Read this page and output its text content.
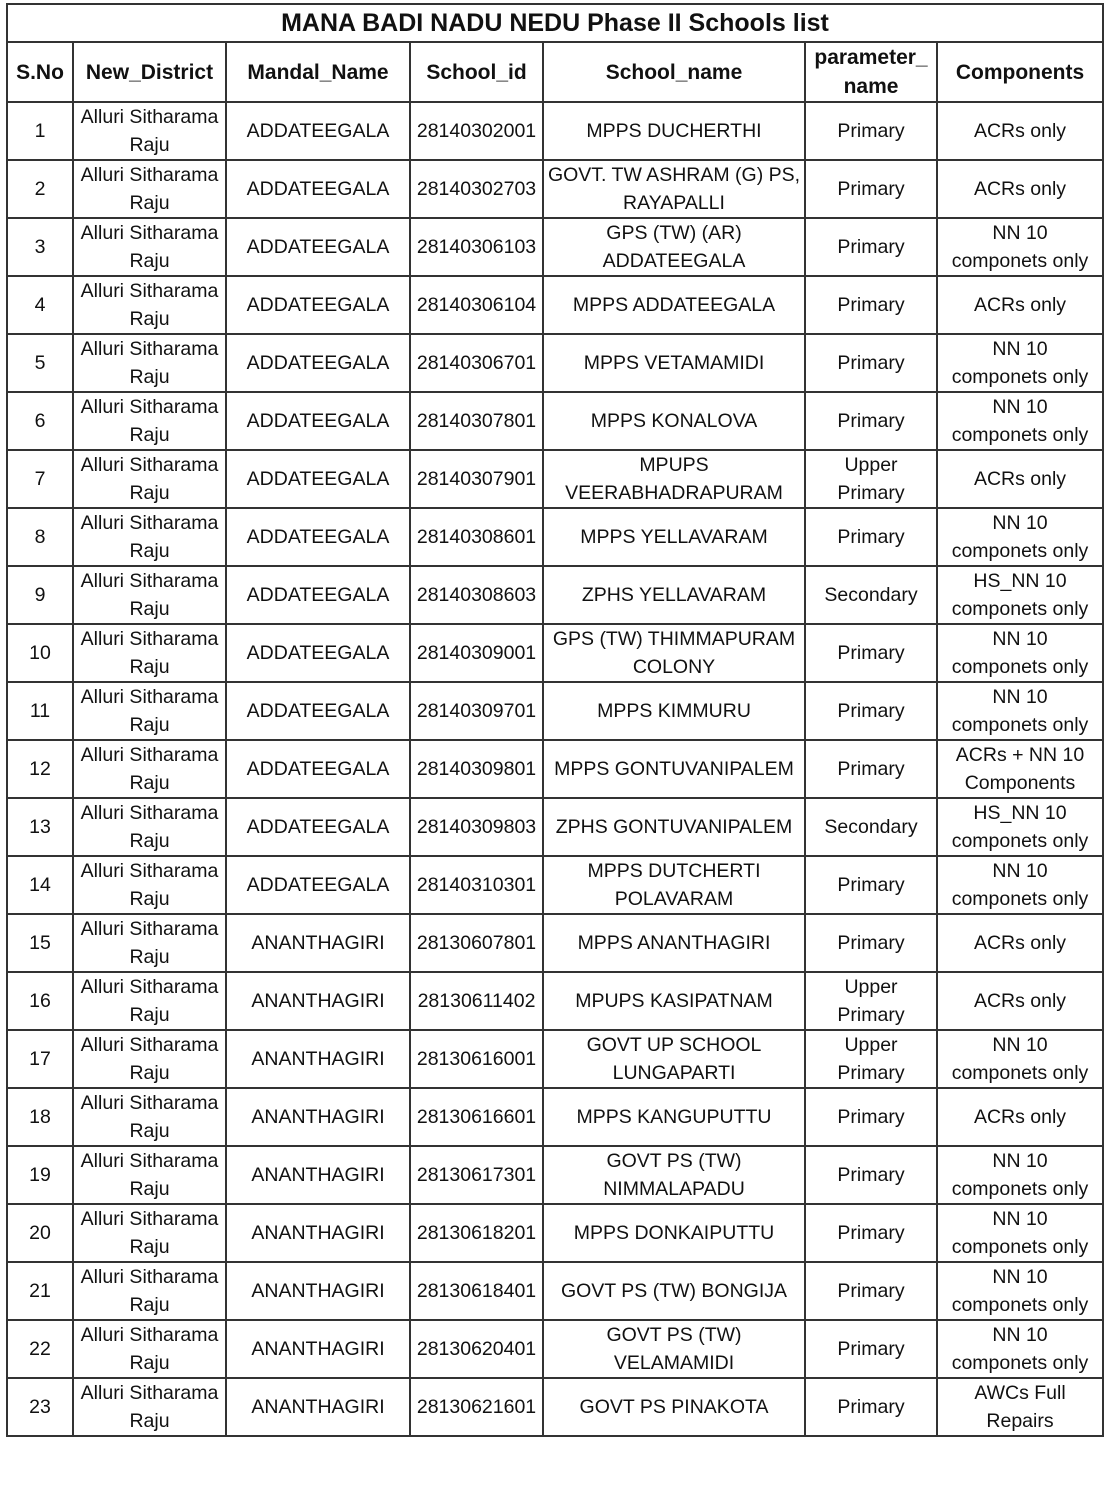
MANA BADI NADU NEDU Phase II Schools list						
S.No	New_District	Mandal_Name	School_id	School_name	parameter_
name	Components
1	Alluri Sitharama
Raju	ADDATEEGALA	28140302001	MPPS DUCHERTHI	Primary	ACRs only
2	Alluri Sitharama
Raju	ADDATEEGALA	28140302703	GOVT. TW ASHRAM (G) PS,
RAYAPALLI	Primary	ACRs only
3	Alluri Sitharama
Raju	ADDATEEGALA	28140306103	GPS (TW) (AR)
ADDATEEGALA	Primary	NN 10
componets only
4	Alluri Sitharama
Raju	ADDATEEGALA	28140306104	MPPS ADDATEEGALA	Primary	ACRs only
5	Alluri Sitharama
Raju	ADDATEEGALA	28140306701	MPPS VETAMAMIDI	Primary	NN 10
componets only
6	Alluri Sitharama
Raju	ADDATEEGALA	28140307801	MPPS KONALOVA	Primary	NN 10
componets only
7	Alluri Sitharama
Raju	ADDATEEGALA	28140307901	MPUPS
VEERABHADRAPURAM	Upper
Primary	ACRs only
8	Alluri Sitharama
Raju	ADDATEEGALA	28140308601	MPPS YELLAVARAM	Primary	NN 10
componets only
9	Alluri Sitharama
Raju	ADDATEEGALA	28140308603	ZPHS YELLAVARAM	Secondary	HS_NN 10
componets only
10	Alluri Sitharama
Raju	ADDATEEGALA	28140309001	GPS (TW) THIMMAPURAM
COLONY	Primary	NN 10
componets only
11	Alluri Sitharama
Raju	ADDATEEGALA	28140309701	MPPS KIMMURU	Primary	NN 10
componets only
12	Alluri Sitharama
Raju	ADDATEEGALA	28140309801	MPPS GONTUVANIPALEM	Primary	ACRs + NN 10
Components
13	Alluri Sitharama
Raju	ADDATEEGALA	28140309803	ZPHS GONTUVANIPALEM	Secondary	HS_NN 10
componets only
14	Alluri Sitharama
Raju	ADDATEEGALA	28140310301	MPPS DUTCHERTI
POLAVARAM	Primary	NN 10
componets only
15	Alluri Sitharama
Raju	ANANTHAGIRI	28130607801	MPPS ANANTHAGIRI	Primary	ACRs only
16	Alluri Sitharama
Raju	ANANTHAGIRI	28130611402	MPUPS KASIPATNAM	Upper
Primary	ACRs only
17	Alluri Sitharama
Raju	ANANTHAGIRI	28130616001	GOVT UP SCHOOL
LUNGAPARTI	Upper
Primary	NN 10
componets only
18	Alluri Sitharama
Raju	ANANTHAGIRI	28130616601	MPPS KANGUPUTTU	Primary	ACRs only
19	Alluri Sitharama
Raju	ANANTHAGIRI	28130617301	GOVT PS (TW)
NIMMALAPADU	Primary	NN 10
componets only
20	Alluri Sitharama
Raju	ANANTHAGIRI	28130618201	MPPS DONKAIPUTTU	Primary	NN 10
componets only
21	Alluri Sitharama
Raju	ANANTHAGIRI	28130618401	GOVT PS (TW) BONGIJA	Primary	NN 10
componets only
22	Alluri Sitharama
Raju	ANANTHAGIRI	28130620401	GOVT PS (TW) VELAMAMIDI	Primary	NN 10
componets only
23	Alluri Sitharama
Raju	ANANTHAGIRI	28130621601	GOVT PS PINAKOTA	Primary	AWCs Full
Repairs
